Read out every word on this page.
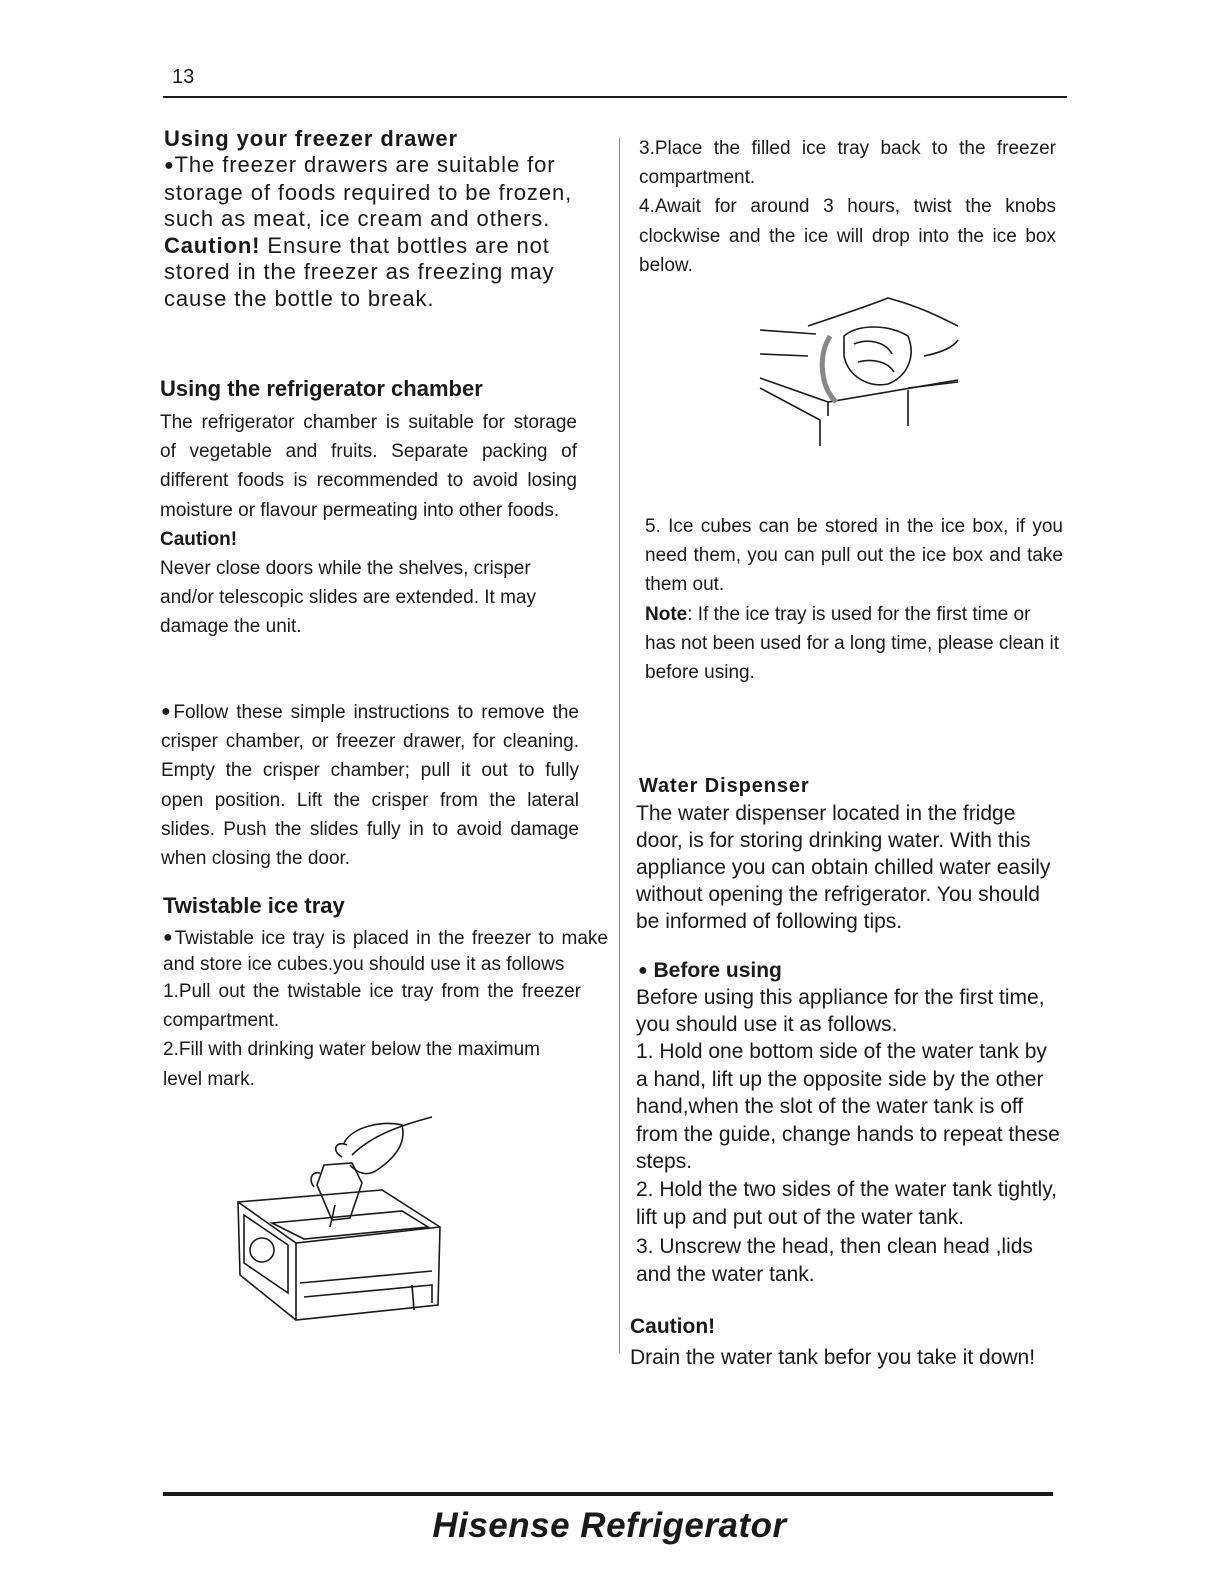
13
Using your freezer drawer

●The freezer drawers are suitable for storage of foods required to be frozen, such as meat, ice cream and others.

Caution! Ensure that bottles are not stored in the freezer as freezing may cause the bottle to break.

Using the refrigerator chamber

The refrigerator chamber is suitable for storage of vegetable and fruits. Separate packing of different foods is recommended to avoid losing moisture or flavour permeating into other foods.

Caution!

Never close doors while the shelves, crisper and/or telescopic slides are extended. It may damage the unit.

●Follow these simple instructions to remove the crisper chamber, or freezer drawer, for cleaning. Empty the crisper chamber; pull it out to fully open position. Lift the crisper from the lateral slides. Push the slides fully in to avoid damage when closing the door.

Twistable ice tray

●Twistable ice tray is placed in the freezer to make and store ice cubes.you should use it as follows

1.Pull out the twistable ice tray from the freezer compartment.

2.Fill with drinking water below the maximum level mark.

3.Place the filled ice tray back to the freezer compartment.

4.Await for around 3 hours, twist the knobs clockwise and the ice will drop into the ice box below.

5. Ice cubes can be stored in the ice box, if you need them, you can pull out the ice box and take them out.

Note: If the ice tray is used for the first time or has not been used for a long time, please clean it before using.

Water Dispenser

The water dispenser located in the fridge door, is for storing drinking water. With this appliance you can obtain chilled water easily without opening the refrigerator. You should be informed of following tips.

● Before using

Before using this appliance for the first time, you should use it as follows.

1. Hold one bottom side of the water tank by a hand, lift up the opposite side by the other hand,when the slot of the water tank is off from the guide, change hands to repeat these steps.

2. Hold the two sides of the water tank tightly, lift up and put out of the water tank.

3. Unscrew the head, then clean head ,lids and the water tank.

Caution!

Drain the water tank befor you take it down!

Hisense Refrigerator
